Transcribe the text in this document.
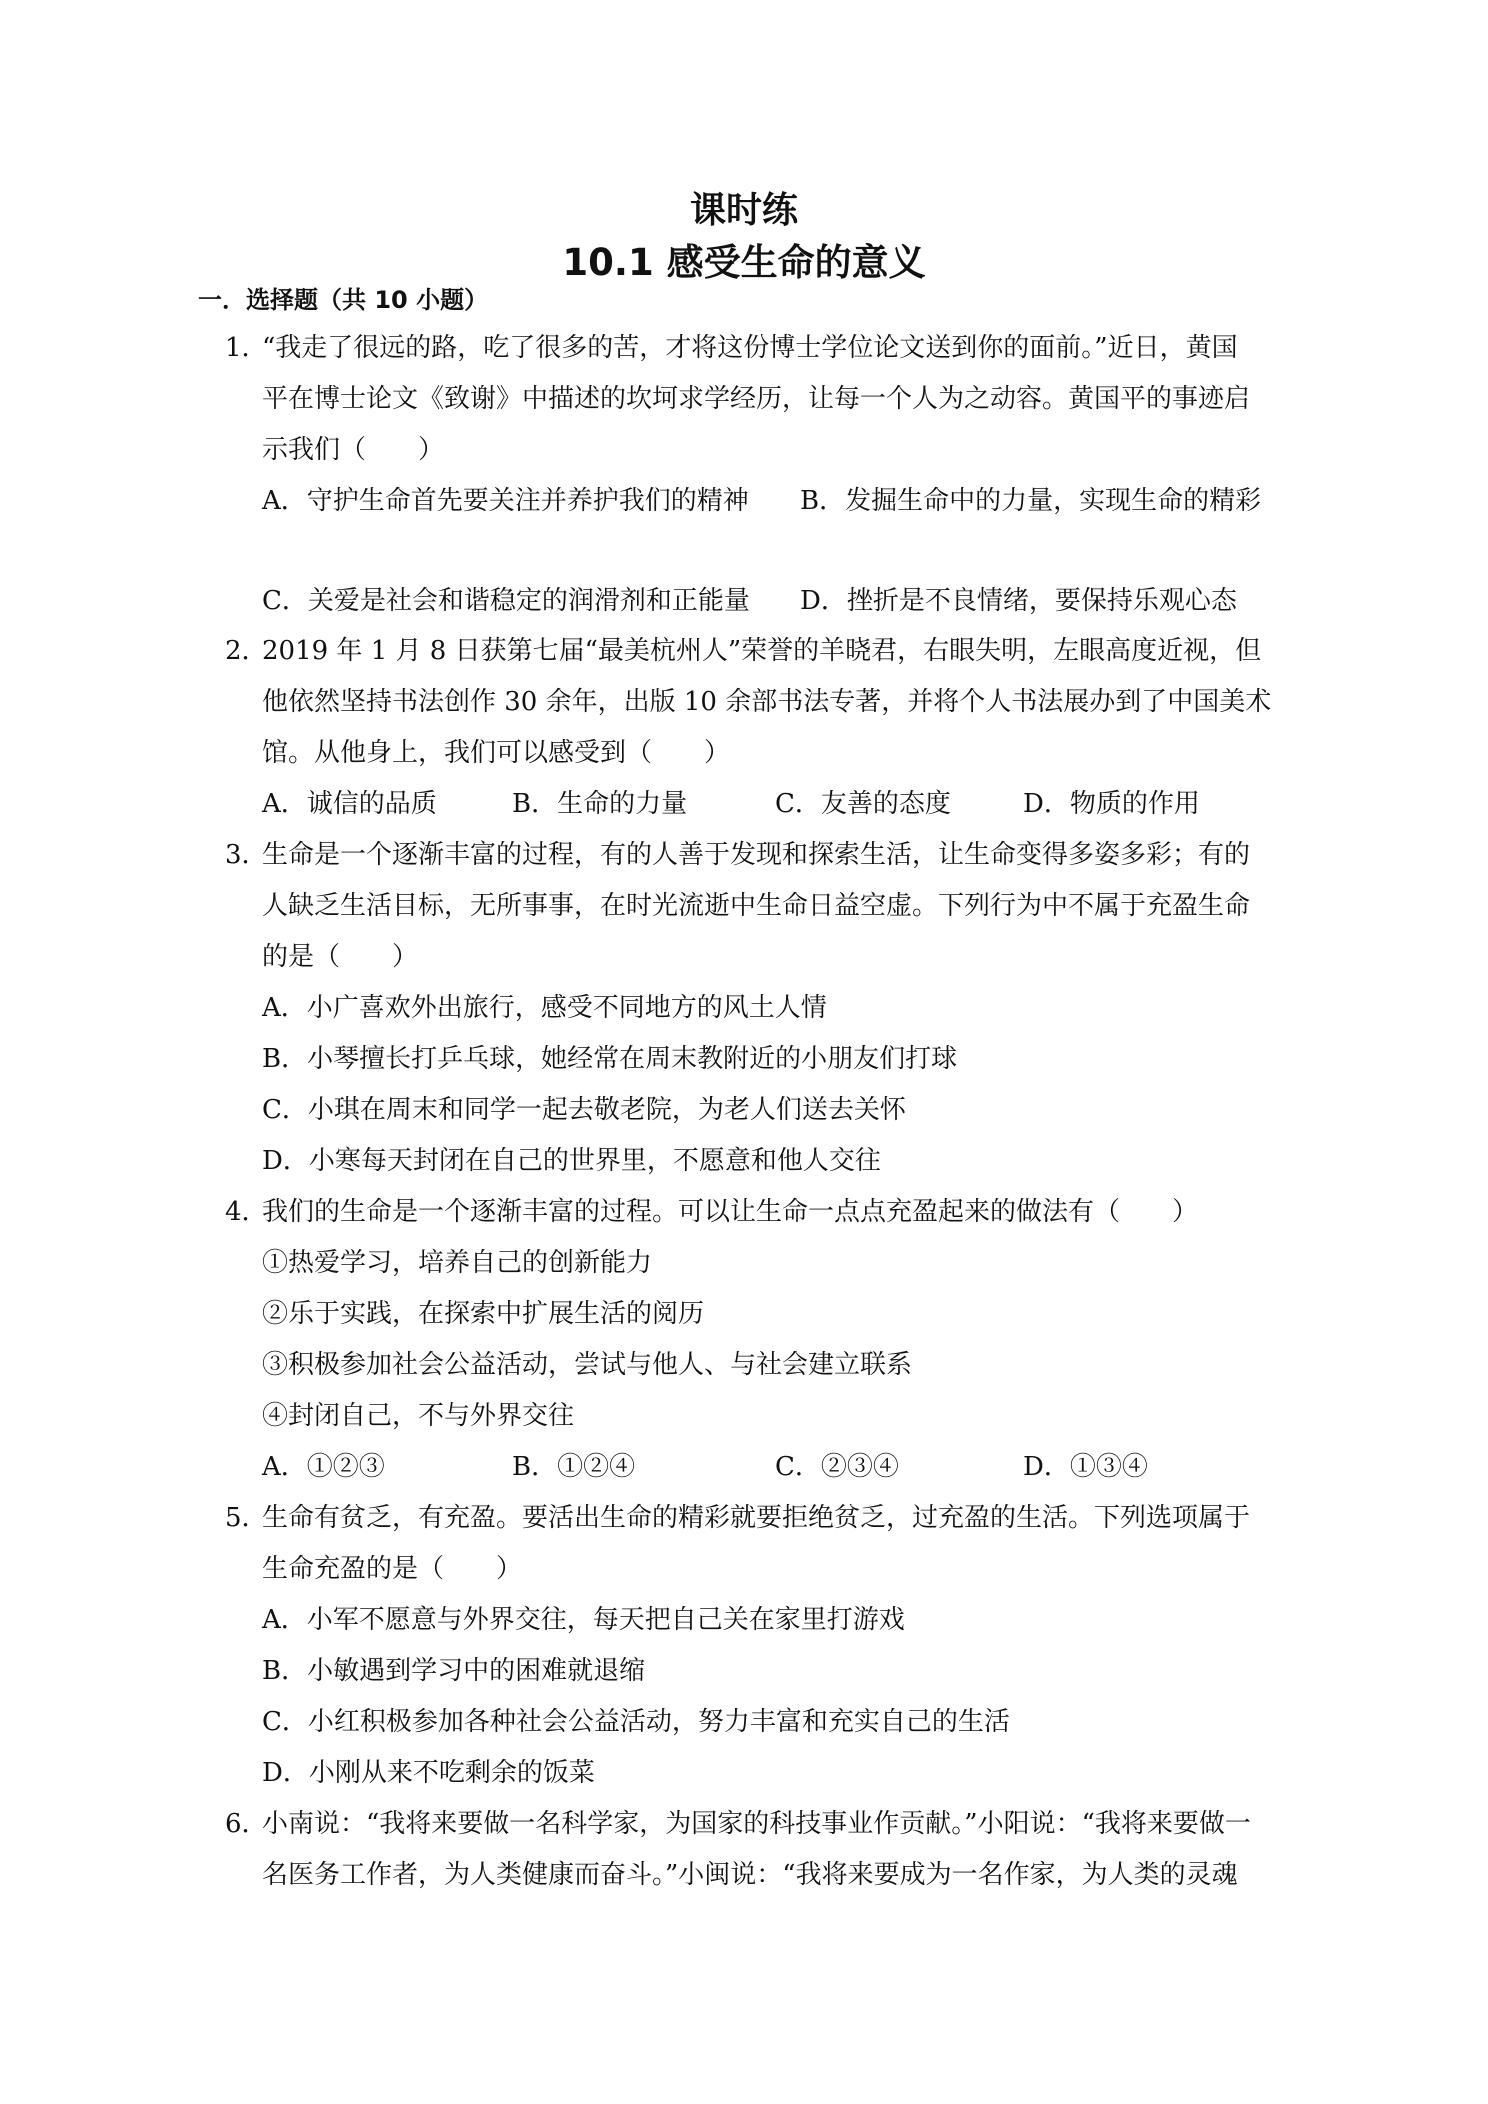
课时练
10.1 感受生命的意义
一．选择题（共 10 小题）
1．
“我走了很远的路，吃了很多的苦，才将这份博士学位论文送到你的面前。”近日，黄国
平在博士论文《致谢》中描述的坎坷求学经历，让每一个人为之动容。黄国平的事迹启
示我们（　　）
A．守护生命首先要关注并养护我们的精神 B．发掘生命中的力量，实现生命的精彩
C．关爱是社会和谐稳定的润滑剂和正能量 D．挫折是不良情绪，要保持乐观心态
2．
2019 年 1 月 8 日获第七届“最美杭州人”荣誉的羊晓君，右眼失明，左眼高度近视，但
他依然坚持书法创作 30 余年，出版 10 余部书法专著，并将个人书法展办到了中国美术
馆。从他身上，我们可以感受到（　　）
A．诚信的品质	B．生命的力量	C．友善的态度	D．物质的作用
3．
生命是一个逐渐丰富的过程，有的人善于发现和探索生活，让生命变得多姿多彩；有的
人缺乏生活目标，无所事事，在时光流逝中生命日益空虚。下列行为中不属于充盈生命
的是（　　）
A．小广喜欢外出旅行，感受不同地方的风土人情
B．小琴擅长打乒乓球，她经常在周末教附近的小朋友们打球
C．小琪在周末和同学一起去敬老院，为老人们送去关怀
D．小寒每天封闭在自己的世界里，不愿意和他人交往
4．
我们的生命是一个逐渐丰富的过程。可以让生命一点点充盈起来的做法有（　　）
①热爱学习，培养自己的创新能力
②乐于实践，在探索中扩展生活的阅历
③积极参加社会公益活动，尝试与他人、与社会建立联系
④封闭自己，不与外界交往
A．①②③	B．①②④	C．②③④	D．①③④
5．
生命有贫乏，有充盈。要活出生命的精彩就要拒绝贫乏，过充盈的生活。下列选项属于
生命充盈的是（　　）
A．小军不愿意与外界交往，每天把自己关在家里打游戏
B．小敏遇到学习中的困难就退缩
C．小红积极参加各种社会公益活动，努力丰富和充实自己的生活
D．小刚从来不吃剩余的饭菜
6．
小南说：“我将来要做一名科学家，为国家的科技事业作贡献。”小阳说：“我将来要做一
名医务工作者，为人类健康而奋斗。”小闽说：“我将来要成为一名作家，为人类的灵魂
